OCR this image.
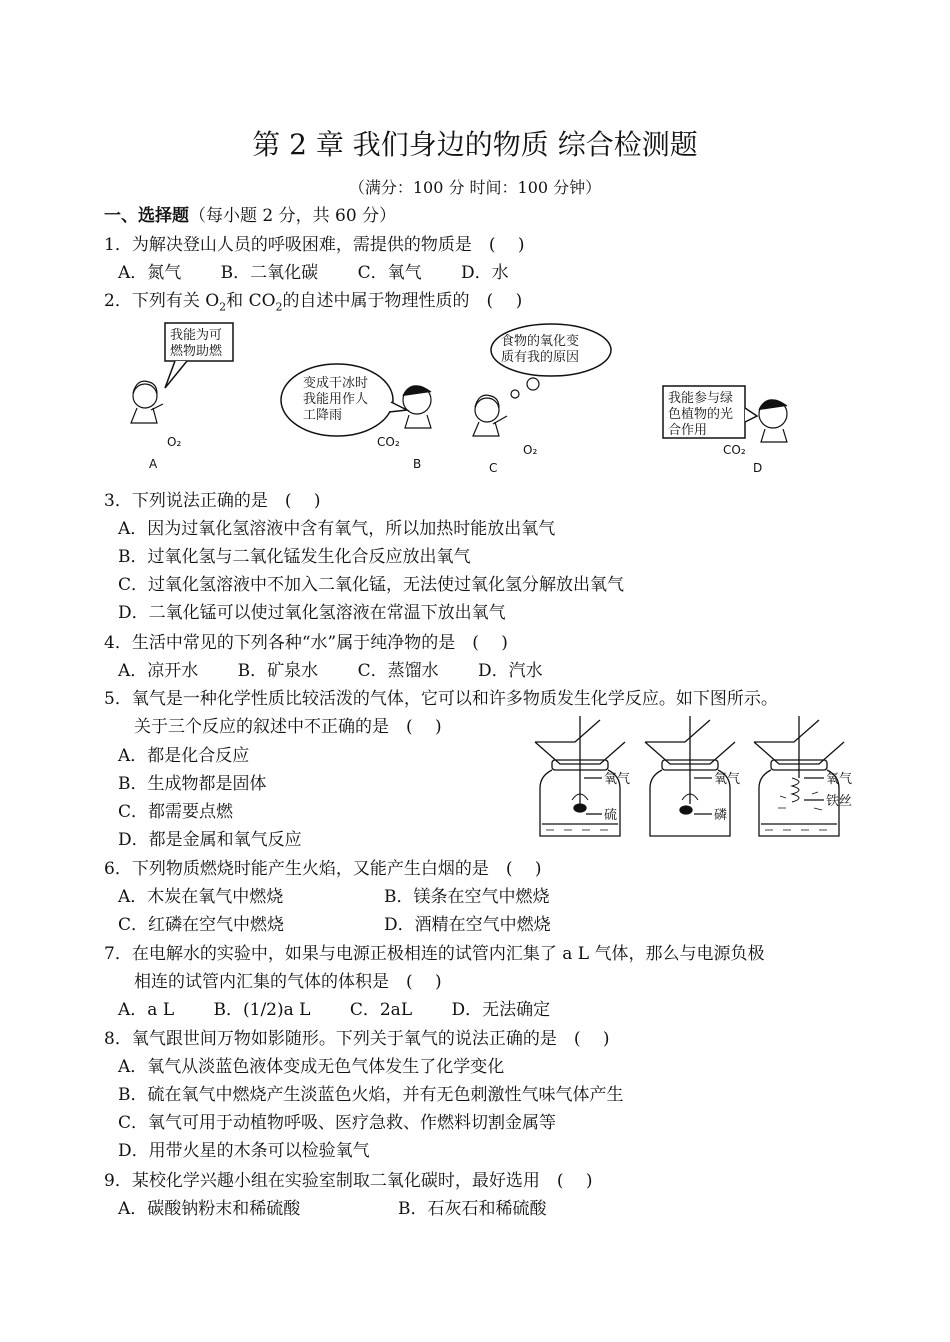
第 2 章 我们身边的物质 综合检测题
（满分：100 分 时间：100 分钟）
一、选择题（每小题 2 分，共 60 分）
1．为解决登山人员的呼吸困难，需提供的物质是　(　 )
A．氮气　　 B．二氧化碳　　 C．氧气　　 D．水
2．下列有关 $O_2$和 $CO_2$的自述中属于物理性质的　(　 )
我能为可
燃物助燃
O₂
A
变成干冰时
我能用作人
工降雨
CO₂
B
食物的氧化变
质有我的原因
O₂
C
我能参与绿
色植物的光
合作用
CO₂
D
3．下列说法正确的是　(　 )
A．因为过氧化氢溶液中含有氧气，所以加热时能放出氧气
B．过氧化氢与二氧化锰发生化合反应放出氧气
C．过氧化氢溶液中不加入二氧化锰，无法使过氧化氢分解放出氧气
D．二氧化锰可以使过氧化氢溶液在常温下放出氧气
4．生活中常见的下列各种“水”属于纯净物的是　(　 )
A．凉开水　　 B．矿泉水　　 C．蒸馏水　　 D．汽水
5．氧气是一种化学性质比较活泼的气体，它可以和许多物质发生化学反应。如下图所示。
关于三个反应的叙述中不正确的是　(　 )
A．都是化合反应
B．生成物都是固体
C．都需要点燃
D．都是金属和氧气反应
氧气
硫
氧气
磷
氧气
铁丝
6．下列物质燃烧时能产生火焰，又能产生白烟的是　(　 )
A．木炭在氧气中燃烧	B．镁条在空气中燃烧
C．红磷在空气中燃烧	D．酒精在空气中燃烧
7．在电解水的实验中，如果与电源正极相连的试管内汇集了 a L 气体，那么与电源负极
相连的试管内汇集的气体的体积是　(　 )
A．a L　　 B．(1/2)a L　　 C．2aL　　 D．无法确定
8．氧气跟世间万物如影随形。下列关于氧气的说法正确的是　(　 )
A．氧气从淡蓝色液体变成无色气体发生了化学变化
B．硫在氧气中燃烧产生淡蓝色火焰，并有无色刺激性气味气体产生
C．氧气可用于动植物呼吸、医疗急救、作燃料切割金属等
D．用带火星的木条可以检验氧气
9．某校化学兴趣小组在实验室制取二氧化碳时，最好选用　(　 )
A．碳酸钠粉末和稀硫酸	B．石灰石和稀硫酸
